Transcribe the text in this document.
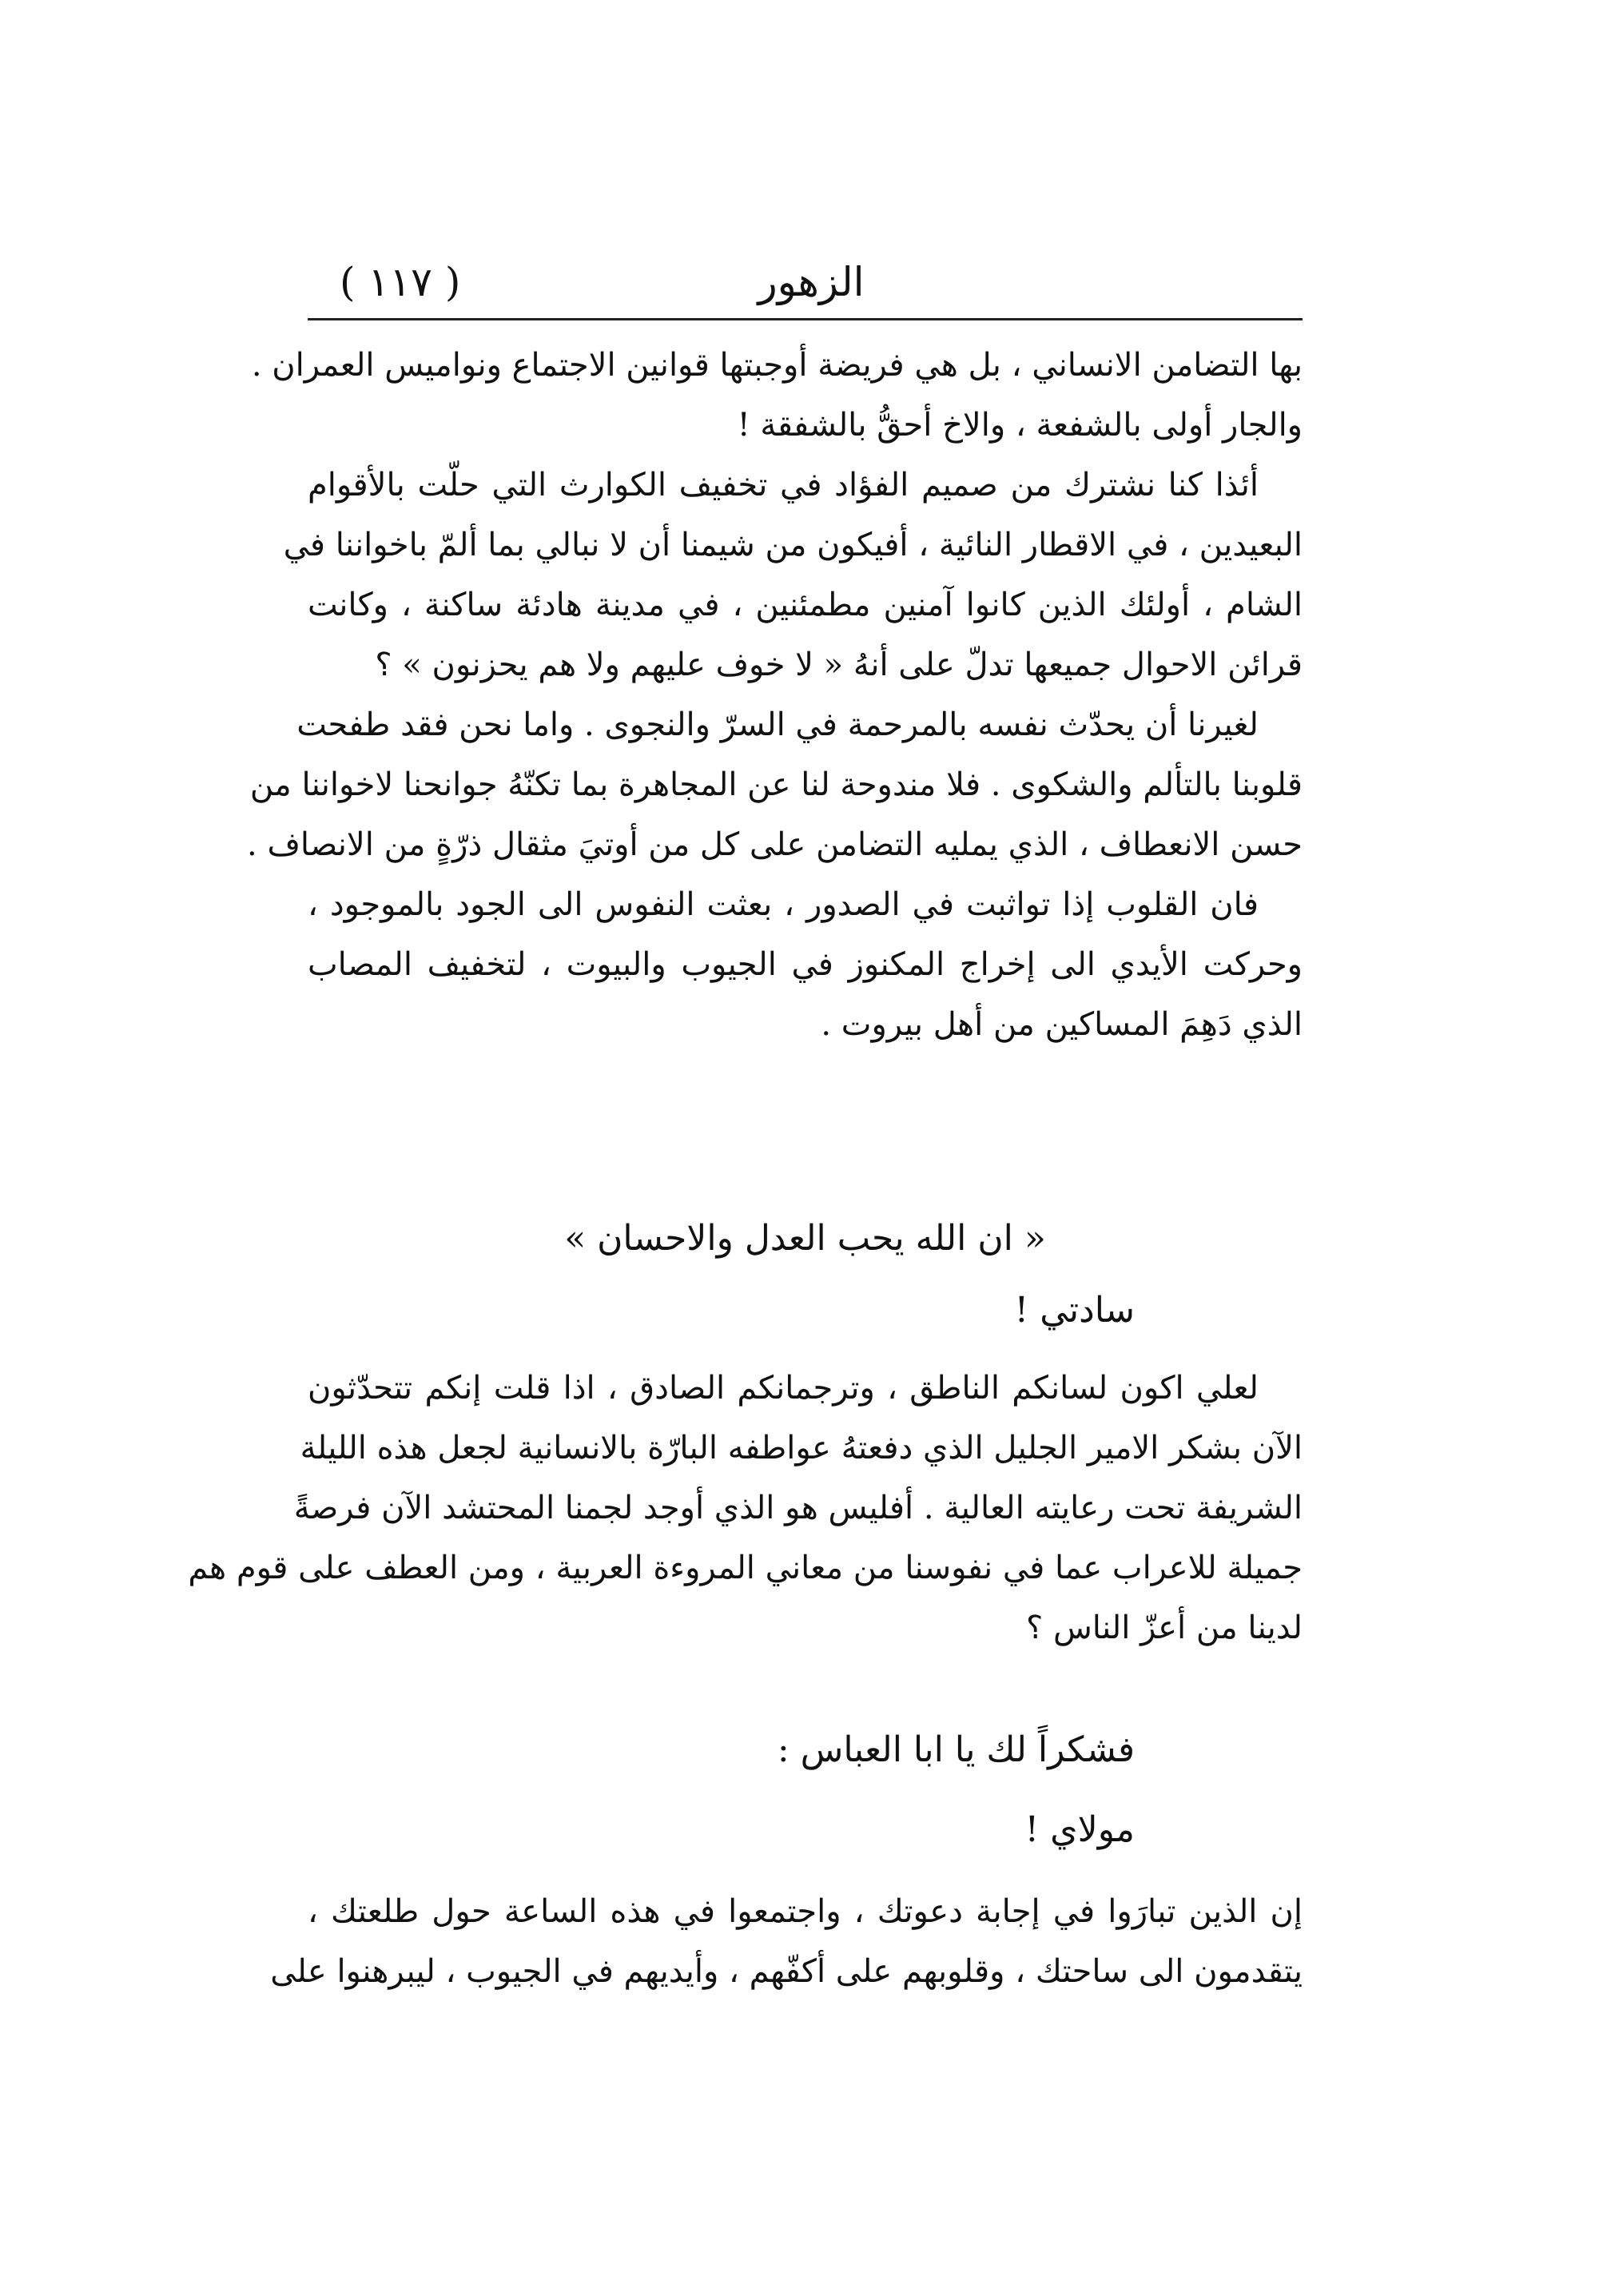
( ١١٧ )	الزهور
بها التضامن الانساني ، بل هي فريضة أوجبتها قوانين الاجتماع ونواميس العمران .
والجار أولى بالشفعة ، والاخ أحقُّ بالشفقة !
أئذا كنا نشترك من صميم الفؤاد في تخفيف الكوارث التي حلّت بالأقوام
البعيدين ، في الاقطار النائية ، أفيكون من شيمنا أن لا نبالي بما ألمّ باخواننا في
الشام ، أولئك الذين كانوا آمنين مطمئنين ، في مدينة هادئة ساكنة ، وكانت
قرائن الاحوال جميعها تدلّ على أنهُ « لا خوف عليهم ولا هم يحزنون » ؟
لغيرنا أن يحدّث نفسه بالمرحمة في السرّ والنجوى . واما نحن فقد طفحت
قلوبنا بالتألم والشكوى . فلا مندوحة لنا عن المجاهرة بما تكنّهُ جوانحنا لاخواننا من
حسن الانعطاف ، الذي يمليه التضامن على كل من أوتيَ مثقال ذرّةٍ من الانصاف .
فان القلوب إذا تواثبت في الصدور ، بعثت النفوس الى الجود بالموجود ،
وحركت الأيدي الى إخراج المكنوز في الجيوب والبيوت ، لتخفيف المصاب
الذي دَهِمَ المساكين من أهل بيروت .
« ان الله يحب العدل والاحسان »
سادتي !
لعلي اكون لسانكم الناطق ، وترجمانكم الصادق ، اذا قلت إنكم تتحدّثون
الآن بشكر الامير الجليل الذي دفعتهُ عواطفه البارّة بالانسانية لجعل هذه الليلة
الشريفة تحت رعايته العالية . أفليس هو الذي أوجد لجمنا المحتشد الآن فرصةً
جميلة للاعراب عما في نفوسنا من معاني المروءة العربية ، ومن العطف على قوم هم
لدينا من أعزّ الناس ؟
فشكراً لك يا ابا العباس :
مولاي !
إن الذين تبارَوا في إجابة دعوتك ، واجتمعوا في هذه الساعة حول طلعتك ،
يتقدمون الى ساحتك ، وقلوبهم على أكفّهم ، وأيديهم في الجيوب ، ليبرهنوا على
